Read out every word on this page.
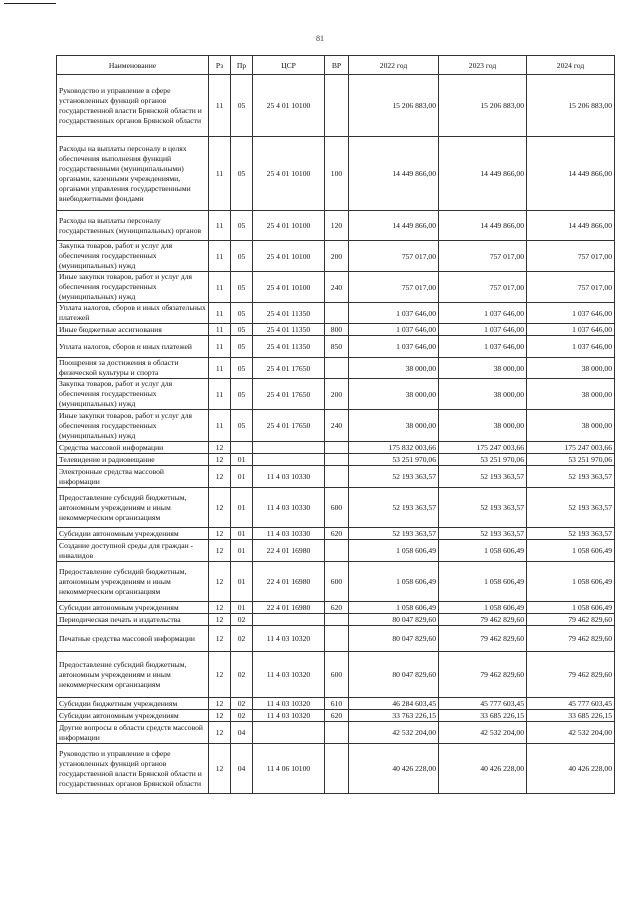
81
Наименование	Рз	Пр	ЦСР	ВР	2022 год	2023 год	2024 год
Руководство и управление в сфере установленных функций органов государственной власти Брянской области и государственных органов Брянской области	11	05	25 4 01 10100		15 206 883,00	15 206 883,00	15 206 883,00
Расходы на выплаты персоналу в целях обеспечения выполнения функций государственными (муниципальными) органами, казенными учреждениями, органами управления государственными внебюджетными фондами	11	05	25 4 01 10100	100	14 449 866,00	14 449 866,00	14 449 866,00
Расходы на выплаты персоналу государственных (муниципальных) органов	11	05	25 4 01 10100	120	14 449 866,00	14 449 866,00	14 449 866,00
Закупка товаров, работ и услуг для обеспечения государственных (муниципальных) нужд	11	05	25 4 01 10100	200	757 017,00	757 017,00	757 017,00
Иные закупки товаров, работ и услуг для обеспечения государственных (муниципальных) нужд	11	05	25 4 01 10100	240	757 017,00	757 017,00	757 017,00
Уплата налогов, сборов и иных обязательных платежей	11	05	25 4 01 11350		1 037 646,00	1 037 646,00	1 037 646,00
Иные бюджетные ассигнования	11	05	25 4 01 11350	800	1 037 646,00	1 037 646,00	1 037 646,00
Уплата налогов, сборов и иных платежей	11	05	25 4 01 11350	850	1 037 646,00	1 037 646,00	1 037 646,00
Поощрения за достижения в области физической культуры и спорта	11	05	25 4 01 17650		38 000,00	38 000,00	38 000,00
Закупка товаров, работ и услуг для обеспечения государственных (муниципальных) нужд	11	05	25 4 01 17650	200	38 000,00	38 000,00	38 000,00
Иные закупки товаров, работ и услуг для обеспечения государственных (муниципальных) нужд	11	05	25 4 01 17650	240	38 000,00	38 000,00	38 000,00
Средства массовой информации	12				175 832 003,66	175 247 003,66	175 247 003,66
Телевидение и радиовещание	12	01			53 251 970,06	53 251 970,06	53 251 970,06
Электронные средства массовой информации	12	01	11 4 03 10330		52 193 363,57	52 193 363,57	52 193 363,57
Предоставление субсидий бюджетным, автономным учреждениям и иным некоммерческим организациям	12	01	11 4 03 10330	600	52 193 363,57	52 193 363,57	52 193 363,57
Субсидии автономным учреждениям	12	01	11 4 03 10330	620	52 193 363,57	52 193 363,57	52 193 363,57
Создание доступной среды для граждан - инвалидов	12	01	22 4 01 16980		1 058 606,49	1 058 606,49	1 058 606,49
Предоставление субсидий бюджетным, автономным учреждениям и иным некоммерческим организациям	12	01	22 4 01 16980	600	1 058 606,49	1 058 606,49	1 058 606,49
Субсидии автономным учреждениям	12	01	22 4 01 16980	620	1 058 606,49	1 058 606,49	1 058 606,49
Периодическая печать и издательства	12	02			80 047 829,60	79 462 829,60	79 462 829,60
Печатные средства массовой информации	12	02	11 4 03 10320		80 047 829,60	79 462 829,60	79 462 829,60
Предоставление субсидий бюджетным, автономным учреждениям и иным некоммерческим организациям	12	02	11 4 03 10320	600	80 047 829,60	79 462 829,60	79 462 829,60
Субсидии бюджетным учреждениям	12	02	11 4 03 10320	610	46 284 603,45	45 777 603,45	45 777 603,45
Субсидии автономным учреждениям	12	02	11 4 03 10320	620	33 763 226,15	33 685 226,15	33 685 226,15
Другие вопросы в области средств массовой информации	12	04			42 532 204,00	42 532 204,00	42 532 204,00
Руководство и управление в сфере установленных функций органов государственной власти Брянской области и государственных органов Брянской области	12	04	11 4 06 10100		40 426 228,00	40 426 228,00	40 426 228,00
